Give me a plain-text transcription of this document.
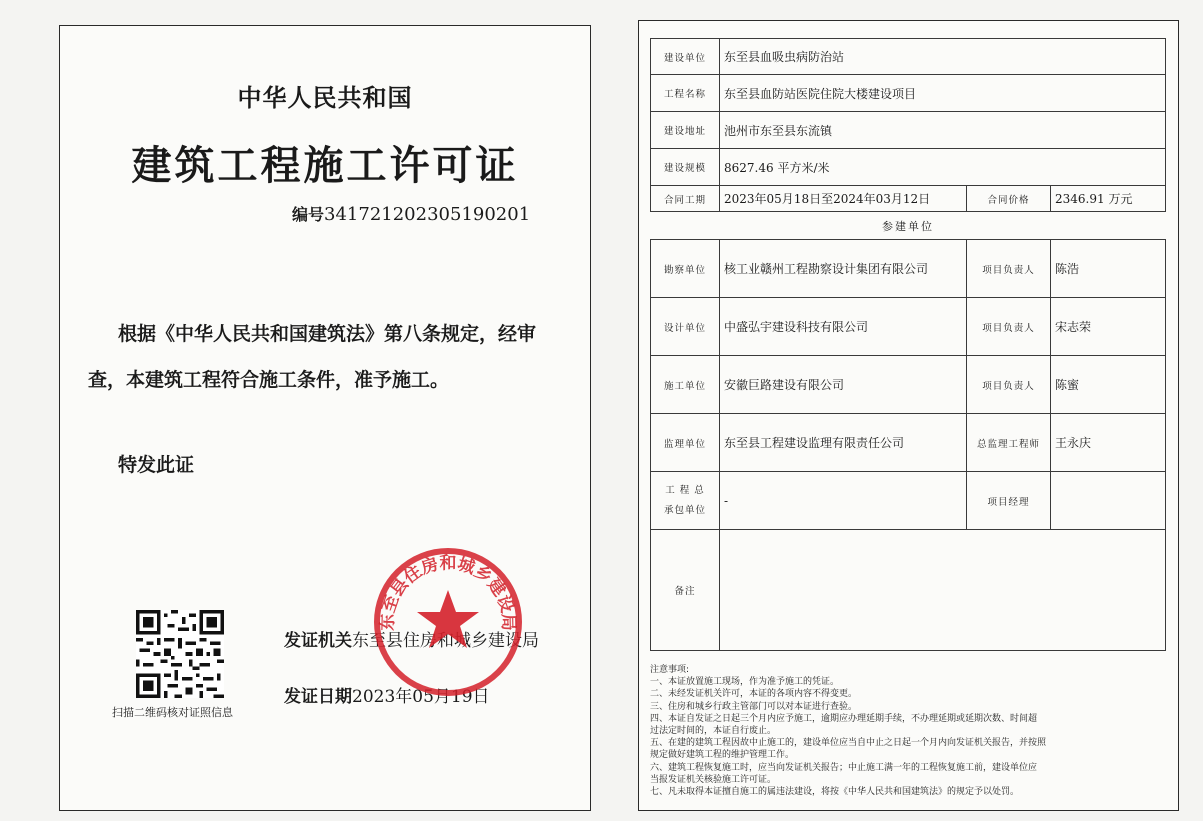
中华人民共和国
建筑工程施工许可证
编号341721202305190201
根据《中华人民共和国建筑法》第八条规定，经审
查，本建筑工程符合施工条件，准予施工。
特发此证
扫描二维码核对证照信息
发证机关东至县住房和城乡建设局
发证日期2023年05月19日
东至县住房和城乡建设局
建设单位	东至县血吸虫病防治站		
工程名称	东至县血防站医院住院大楼建设项目		
建设地址	池州市东至县东流镇		
建设规模	8627.46 平方米/米		
合同工期	2023年05月18日至2024年03月12日	合同价格	2346.91 万元
参建单位			
勘察单位	核工业赣州工程勘察设计集团有限公司	项目负责人	陈浩
设计单位	中盛弘宇建设科技有限公司	项目负责人	宋志荣
施工单位	安徽巨路建设有限公司	项目负责人	陈蜜
监理单位	东至县工程建设监理有限责任公司	总监理工程师	王永庆

工 程 总
承包单位	-	项目经理	
备注			
注意事项:
一、本证放置施工现场，作为准予施工的凭证。
二、未经发证机关许可，本证的各项内容不得变更。
三、住房和城乡行政主管部门可以对本证进行查验。
四、本证自发证之日起三个月内应予施工，逾期应办理延期手续，不办理延期或延期次数、时间超
过法定时间的，本证自行废止。
五、在建的建筑工程因故中止施工的，建设单位应当自中止之日起一个月内向发证机关报告，并按照
规定做好建筑工程的维护管理工作。
六、建筑工程恢复施工时，应当向发证机关报告；中止施工满一年的工程恢复施工前，建设单位应
当报发证机关核验施工许可证。
七、凡未取得本证擅自施工的属违法建设，将按《中华人民共和国建筑法》的规定予以处罚。
